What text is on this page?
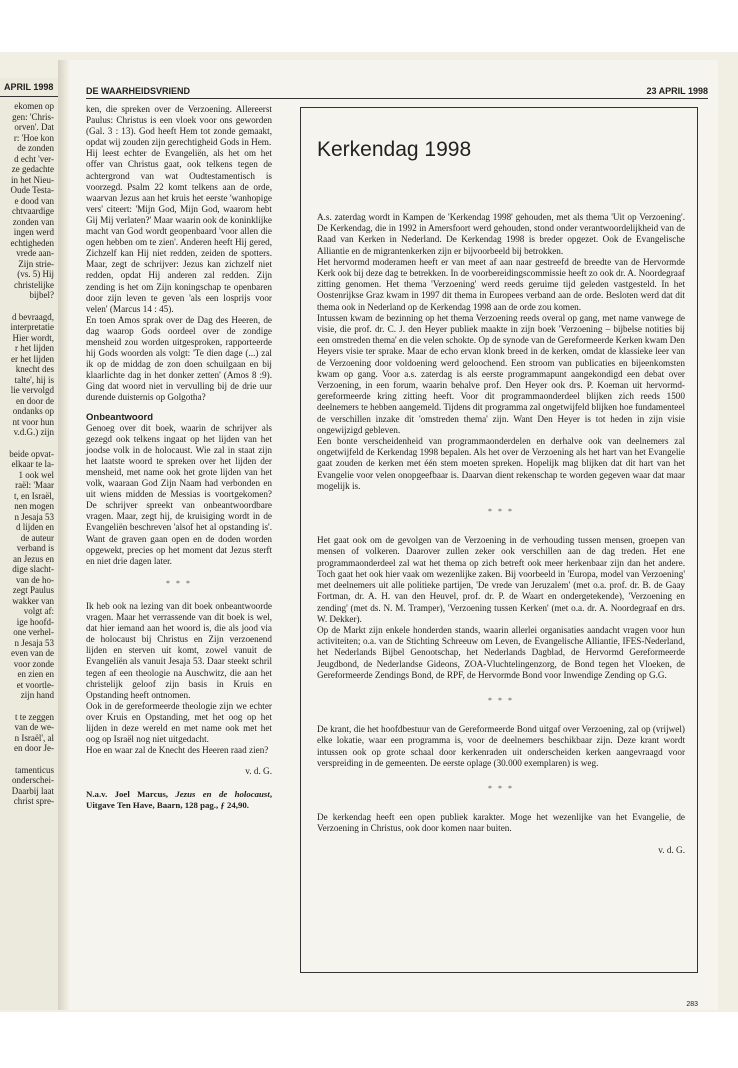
APRIL 1998
ekomen op
gen: 'Chris-
orven'. Dat
r: 'Hoe kon
de zonden
d echt 'ver-
ze gedachte
in het Nieu-
Oude Testa-
e dood van
chtvaardige
zonden van
ingen werd
echtigheden
vrede aan-
Zijn strie-
(vs. 5) Hij
christelijke
bijbel?
d bevraagd,
interpretatie
Hier wordt,
r het lijden
er het lijden
knecht des
talte', hij is
lie vervolgd
en door de
ondanks op
nt voor hun
v.d.G.) zijn
beide opvat-
elkaar te la-
1 ook wel
raël: 'Maar
t, en Israël,
nen mogen
n Jesaja 53
d lijden en
de auteur
verband is
an Jezus en
dige slacht-
van de ho-
zegt Paulus
wakker van
volgt af:
ige hoofd-
one verhel-
n Jesaja 53
even van de
voor zonde
en zien en
et voortle-
zijn hand
t te zeggen
van de we-
n Israël', al
en door Je-
tamenticus
onderschei-
Daarbij laat
christ spre-
DE WAARHEIDSVRIEND	23 APRIL 1998

ken, die spreken over de Verzoening. Allereerst Paulus: Christus is een vloek voor ons geworden (Gal. 3 : 13). God heeft Hem tot zonde gemaakt, opdat wij zouden zijn gerechtigheid Gods in Hem.

Hij leest echter de Evangeliën, als het om het offer van Christus gaat, ook telkens tegen de achtergrond van wat Oudtestamentisch is voorzegd. Psalm 22 komt telkens aan de orde, waarvan Jezus aan het kruis het eerste 'wanhopige vers' citeert: 'Mijn God, Mijn God, waarom hebt Gij Mij verlaten?' Maar waarin ook de koninklijke macht van God wordt geopenbaard 'voor allen die ogen hebben om te zien'. Anderen heeft Hij gered, Zichzelf kan Hij niet redden, zeiden de spotters. Maar, zegt de schrijver: Jezus kan zichzelf niet redden, opdat Hij anderen zal redden. Zijn zending is het om Zijn koningschap te openbaren door zijn leven te geven 'als een losprijs voor velen' (Marcus 14 : 45).

En toen Amos sprak over de Dag des Heeren, de dag waarop Gods oordeel over de zondige mensheid zou worden uitgesproken, rapporteerde hij Gods woorden als volgt: 'Te dien dage (...) zal ik op de middag de zon doen schuilgaan en bij klaarlichte dag in het donker zetten' (Amos 8 :9). Ging dat woord niet in vervulling bij de drie uur durende duisternis op Golgotha?

Onbeantwoord

Genoeg over dit boek, waarin de schrijver als gezegd ook telkens ingaat op het lijden van het joodse volk in de holocaust. Wie zal in staat zijn het laatste woord te spreken over het lijden der mensheid, met name ook het grote lijden van het volk, waaraan God Zijn Naam had verbonden en uit wiens midden de Messias is voortgekomen? De schrijver spreekt van onbeantwoordbare vragen. Maar, zegt hij, de kruisiging wordt in de Evangeliën beschreven 'alsof het al opstanding is'. Want de graven gaan open en de doden worden opgewekt, precies op het moment dat Jezus sterft en niet drie dagen later.

* * *

Ik heb ook na lezing van dit boek onbeantwoorde vragen. Maar het verrassende van dit boek is wel, dat hier iemand aan het woord is, die als jood via de holocaust bij Christus en Zijn verzoenend lijden en sterven uit komt, zowel vanuit de Evangeliën als vanuit Jesaja 53. Daar steekt schril tegen af een theologie na Auschwitz, die aan het christelijk geloof zijn basis in Kruis en Opstanding heeft ontnomen.

Ook in de gereformeerde theologie zijn we echter over Kruis en Opstanding, met het oog op het lijden in deze wereld en met name ook met het oog op Israël nog niet uitgedacht.

Hoe en waar zal de Knecht des Heeren raad zien?

v. d. G.
N.a.v. Joel Marcus, Jezus en de holocaust, Uitgave Ten Have, Baarn, 128 pag., ƒ 24,90.
Kerkendag 1998

A.s. zaterdag wordt in Kampen de 'Kerkendag 1998' gehouden, met als thema 'Uit op Verzoening'. De Kerkendag, die in 1992 in Amersfoort werd gehouden, stond onder verantwoordelijkheid van de Raad van Kerken in Nederland. De Kerkendag 1998 is breder opgezet. Ook de Evangelische Alliantie en de migrantenkerken zijn er bijvoorbeeld bij betrokken.

Het hervormd moderamen heeft er van meet af aan naar gestreefd de breedte van de Hervormde Kerk ook bij deze dag te betrekken. In de voorbereidingscommissie heeft zo ook dr. A. Noordegraaf zitting genomen. Het thema 'Verzoening' werd reeds geruime tijd geleden vastgesteld. In het Oostenrijkse Graz kwam in 1997 dit thema in Europees verband aan de orde. Besloten werd dat dit thema ook in Nederland op de Kerkendag 1998 aan de orde zou komen.

Intussen kwam de bezinning op het thema Verzoening reeds overal op gang, met name vanwege de visie, die prof. dr. C. J. den Heyer publiek maakte in zijn boek 'Verzoening – bijbelse notities bij een omstreden thema' en die velen schokte. Op de synode van de Gereformeerde Kerken kwam Den Heyers visie ter sprake. Maar de echo ervan klonk breed in de kerken, omdat de klassieke leer van de Verzoening door voldoening werd geloochend. Een stroom van publicaties en bijeenkomsten kwam op gang. Voor a.s. zaterdag is als eerste programmapunt aangekondigd een debat over Verzoening, in een forum, waarin behalve prof. Den Heyer ook drs. P. Koeman uit hervormd-gereformeerde kring zitting heeft. Voor dit programmaonderdeel blijken zich reeds 1500 deelnemers te hebben aangemeld. Tijdens dit programma zal ongetwijfeld blijken hoe fundamenteel de verschillen inzake dit 'omstreden thema' zijn. Want Den Heyer is tot heden in zijn visie ongewijzigd gebleven.

Een bonte verscheidenheid van programmaonderdelen en derhalve ook van deelnemers zal ongetwijfeld de Kerkendag 1998 bepalen. Als het over de Verzoening als het hart van het Evangelie gaat zouden de kerken met één stem moeten spreken. Hopelijk mag blijken dat dit hart van het Evangelie voor velen onopgeefbaar is. Daarvan dient rekenschap te worden gegeven waar dat maar mogelijk is.

* * *

Het gaat ook om de gevolgen van de Verzoening in de verhouding tussen mensen, groepen van mensen of volkeren. Daarover zullen zeker ook verschillen aan de dag treden. Het ene programmaonderdeel zal wat het thema op zich betreft ook meer herkenbaar zijn dan het andere. Toch gaat het ook hier vaak om wezenlijke zaken. Bij voorbeeld in 'Europa, model van Verzoening' met deelnemers uit alle politieke partijen, 'De vrede van Jeruzalem' (met o.a. prof. dr. B. de Gaay Fortman, dr. A. H. van den Heuvel, prof. dr. P. de Waart en ondergetekende), 'Verzoening en zending' (met ds. N. M. Tramper), 'Verzoening tussen Kerken' (met o.a. dr. A. Noordegraaf en drs. W. Dekker).

Op de Markt zijn enkele honderden stands, waarin allerlei organisaties aandacht vragen voor hun activiteiten; o.a. van de Stichting Schreeuw om Leven, de Evangelische Alliantie, IFES-Nederland, het Nederlands Bijbel Genootschap, het Nederlands Dagblad, de Hervormd Gereformeerde Jeugdbond, de Nederlandse Gideons, ZOA-Vluchtelingenzorg, de Bond tegen het Vloeken, de Gereformeerde Zendings Bond, de RPF, de Hervormde Bond voor Inwendige Zending op G.G.

* * *

De krant, die het hoofdbestuur van de Gereformeerde Bond uitgaf over Verzoening, zal op (vrijwel) elke lokatie, waar een programma is, voor de deelnemers beschikbaar zijn. Deze krant wordt intussen ook op grote schaal door kerkenraden uit onderscheiden kerken aangevraagd voor verspreiding in de gemeenten. De eerste oplage (30.000 exemplaren) is weg.

* * *

De kerkendag heeft een open publiek karakter. Moge het wezenlijke van het Evangelie, de Verzoening in Christus, ook door komen naar buiten.

v. d. G.
283
